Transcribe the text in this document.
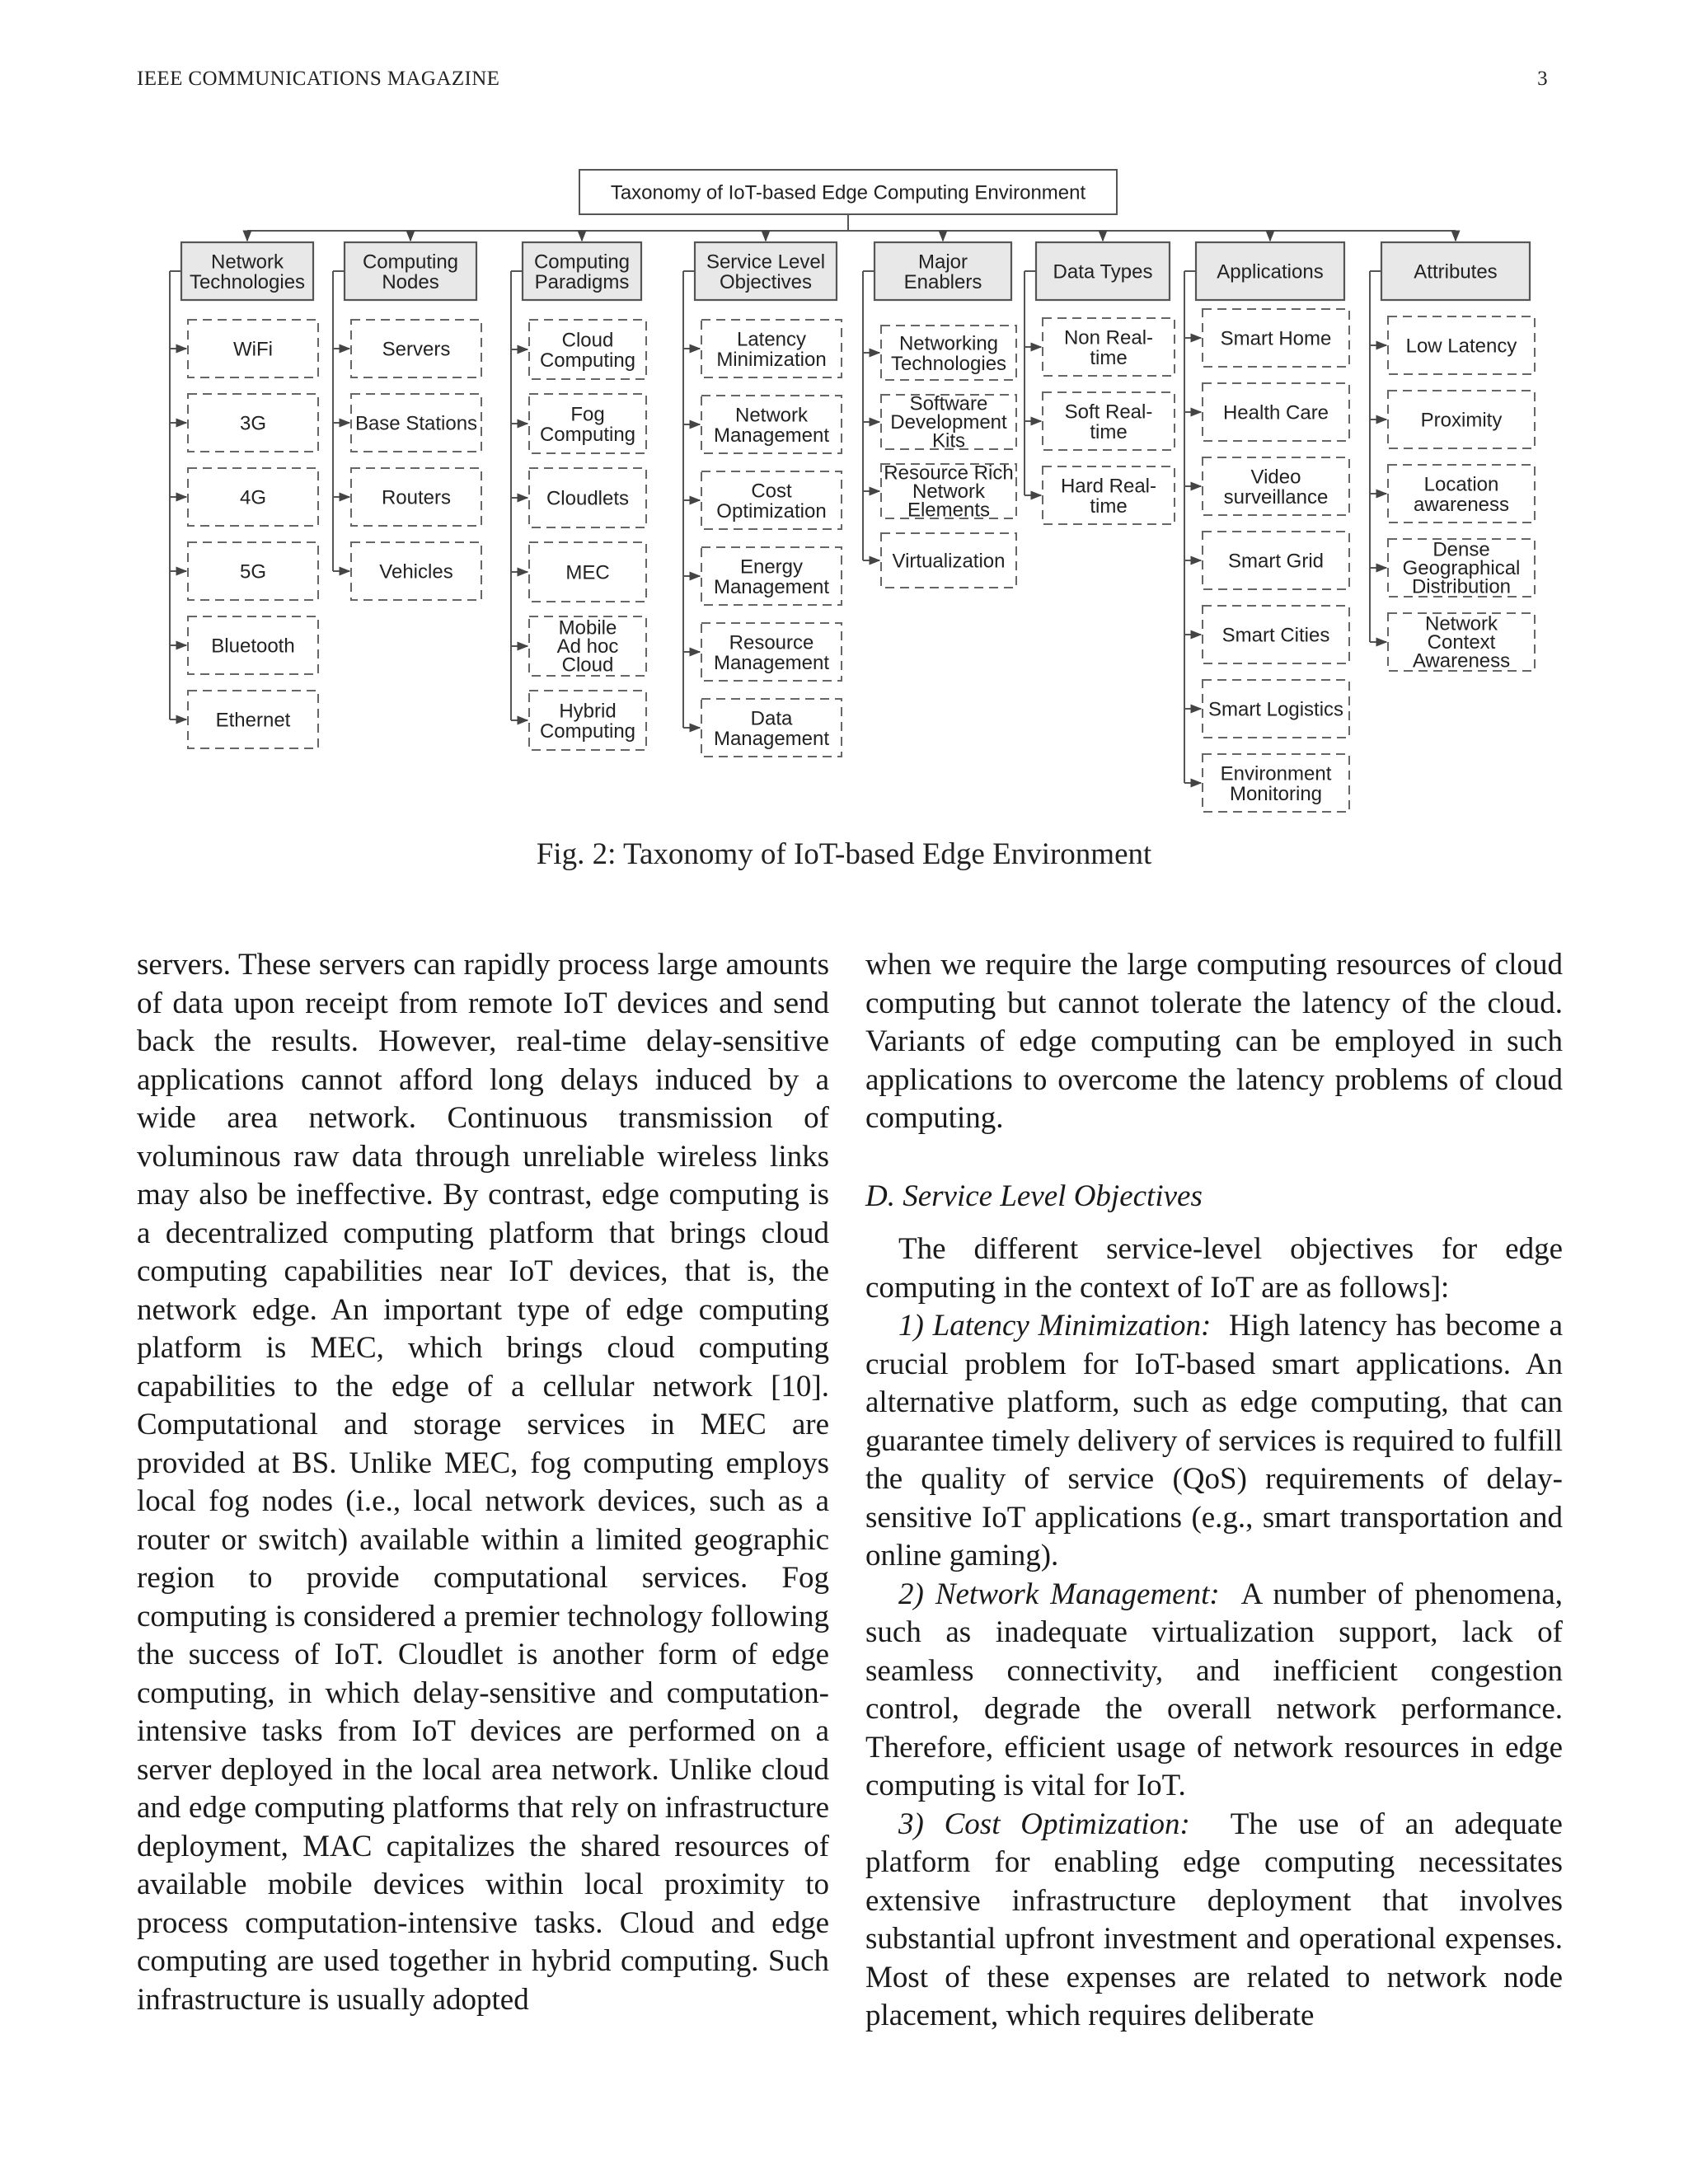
IEEE COMMUNICATIONS MAGAZINE	3
Taxonomy of IoT-based Edge Computing Environment
Network Technologies
WiFi
3G
4G
5G
Bluetooth
Ethernet
Computing Nodes
Servers
Base Stations
Routers
Vehicles
Computing Paradigms
Cloud Computing
Fog Computing
Cloudlets
MEC
Mobile Ad hoc Cloud
Hybrid Computing
Service Level Objectives
Latency Minimization
Network Management
Cost Optimization
Energy Management
Resource Management
Data Management
Major Enablers
Networking Technologies
Software Development Kits
Resource Rich Network Elements
Virtualization
Data Types
Non Real-time
Soft Real-time
Hard Real-time
Applications
Smart Home
Health Care
Video surveillance
Smart Grid
Smart Cities
Smart Logistics
Environment Monitoring
Attributes
Low Latency
Proximity
Location awareness
Dense Geographical Distribution
Network Context Awareness
Fig. 2: Taxonomy of IoT-based Edge Environment

servers. These servers can rapidly process large amounts of data upon receipt from remote IoT devices and send back the results. However, real-time delay-sensitive applications cannot afford long delays induced by a wide area network. Continuous transmission of voluminous raw data through unreliable wireless links may also be ineffective. By contrast, edge computing is a decentralized computing platform that brings cloud computing capabilities near IoT devices, that is, the network edge. An important type of edge computing platform is MEC, which brings cloud computing capabilities to the edge of a cellular network [10]. Computational and storage services in MEC are provided at BS. Unlike MEC, fog computing employs local fog nodes (i.e., local network devices, such as a router or switch) available within a limited geographic region to provide computational services. Fog computing is considered a premier technology following the success of IoT. Cloudlet is another form of edge computing, in which delay-sensitive and computation-intensive tasks from IoT devices are performed on a server deployed in the local area network. Unlike cloud and edge computing platforms that rely on infrastructure deployment, MAC capitalizes the shared resources of available mobile devices within local proximity to process computation-intensive tasks. Cloud and edge computing are used together in hybrid computing. Such infrastructure is usually adopted

when we require the large computing resources of cloud computing but cannot tolerate the latency of the cloud. Variants of edge computing can be employed in such applications to overcome the latency problems of cloud computing.

D. Service Level Objectives

The different service-level objectives for edge computing in the context of IoT are as follows]:

1) Latency Minimization: High latency has become a crucial problem for IoT-based smart applications. An alternative platform, such as edge computing, that can guarantee timely delivery of services is required to fulfill the quality of service (QoS) requirements of delay-sensitive IoT applications (e.g., smart transportation and online gaming).

2) Network Management: A number of phenomena, such as inadequate virtualization support, lack of seamless connectivity, and inefficient congestion control, degrade the overall network performance. Therefore, efficient usage of network resources in edge computing is vital for IoT.

3) Cost Optimization: The use of an adequate platform for enabling edge computing necessitates extensive infrastructure deployment that involves substantial upfront investment and operational expenses. Most of these expenses are related to network node placement, which requires deliberate
